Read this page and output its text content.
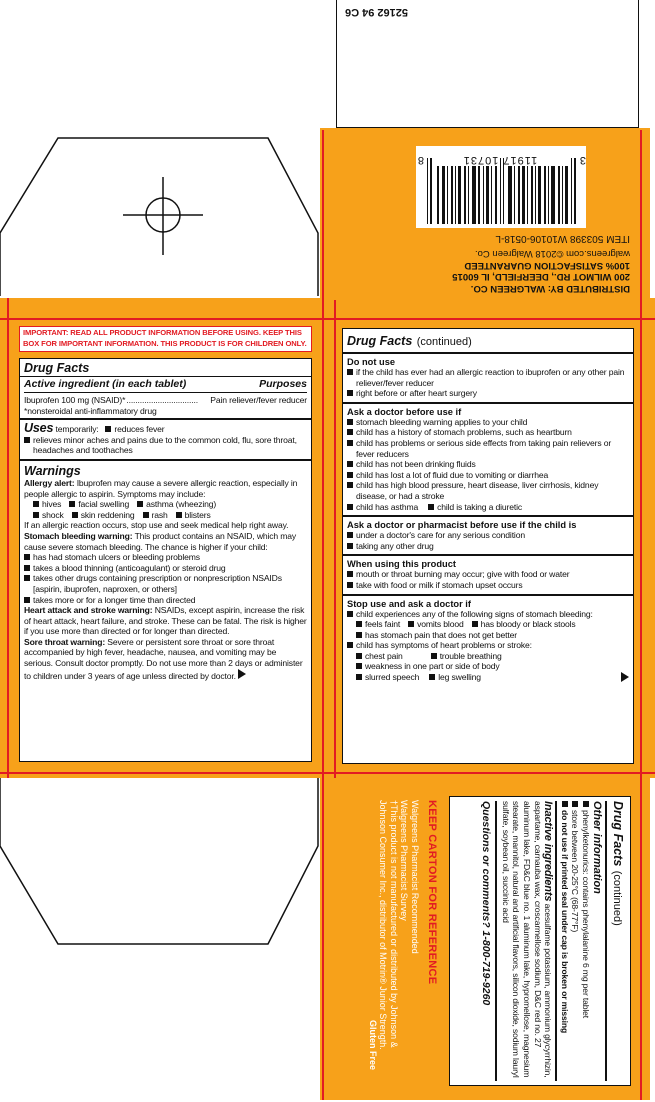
52162 94 C6
DISTRIBUTED BY: WALGREEN CO.
200 WILMOT RD., DEERFIELD, IL 60015
100% SATISFACTION GUARANTEED
walgreens.com ©2018 Walgreen Co.
ITEM 503398 W10106-0518-L
3
11917 10731
8
IMPORTANT: READ ALL PRODUCT INFORMATION BEFORE USING. KEEP THIS BOX FOR IMPORTANT INFORMATION. THIS PRODUCT IS FOR CHILDREN ONLY.
Drug Facts
Active ingredient (in each tablet)	Purposes
Ibuprofen 100 mg (NSAID)* ................................	Pain reliever/fever reducer
*nonsteroidal anti-inflammatory drug
Uses temporarily: reduces fever
relieves minor aches and pains due to the common cold, flu, sore throat, headaches and toothaches
Warnings
Allergy alert: Ibuprofen may cause a severe allergic reaction, especially in people allergic to aspirin. Symptoms may include:
hives	facial swelling	asthma (wheezing)
shock	skin reddening	rash	blisters
If an allergic reaction occurs, stop use and seek medical help right away.
Stomach bleeding warning: This product contains an NSAID, which may cause severe stomach bleeding. The chance is higher if your child:
has had stomach ulcers or bleeding problems
takes a blood thinning (anticoagulant) or steroid drug
takes other drugs containing prescription or nonprescription NSAIDs [aspirin, ibuprofen, naproxen, or others]
takes more or for a longer time than directed
Heart attack and stroke warning: NSAIDs, except aspirin, increase the risk of heart attack, heart failure, and stroke. These can be fatal. The risk is higher if you use more than directed or for longer than directed.
Sore throat warning: Severe or persistent sore throat or sore throat accompanied by high fever, headache, nausea, and vomiting may be serious. Consult doctor promptly. Do not use more than 2 days or administer to children under 3 years of age unless directed by doctor.
Drug Facts (continued)
Do not use
if the child has ever had an allergic reaction to ibuprofen or any other pain reliever/fever reducer
right before or after heart surgery
Ask a doctor before use if
stomach bleeding warning applies to your child
child has a history of stomach problems, such as heartburn
child has problems or serious side effects from taking pain relievers or fever reducers
child has not been drinking fluids
child has lost a lot of fluid due to vomiting or diarrhea
child has high blood pressure, heart disease, liver cirrhosis, kidney disease, or had a stroke
child has asthma	child is taking a diuretic
Ask a doctor or pharmacist before use if the child is
under a doctor's care for any serious condition
taking any other drug
When using this product
mouth or throat burning may occur; give with food or water
take with food or milk if stomach upset occurs
Stop use and ask a doctor if
child experiences any of the following signs of stomach bleeding:
feels faint	vomits blood	has bloody or black stools
has stomach pain that does not get better
child has symptoms of heart problems or stroke:
chest pain	trouble breathing
weakness in one part or side of body
slurred speech	leg swelling
Drug Facts (continued)
Other information
phenylketonurics: contains phenylalanine 6 mg per tablet
store between 20-25°C (68-77°F)
do not use if printed seal under cap is broken or missing
Inactive ingredients acesulfame potassium, ammonium glycyrrhizin, aspartame, carnauba wax, croscarmellose sodium, D&C red no. 27 aluminum lake, FD&C blue no. 1 aluminum lake, hypromellose, magnesium stearate, mannitol, natural and artificial flavors, silicon dioxide, sodium lauryl sulfate, soybean oil, succinic acid
Questions or comments? 1-800-719-9260
KEEP CARTON FOR REFERENCE
Walgreens Pharmacist Recommended
Walgreens Pharmacist Survey
†This product is not manufactured or distributed by Johnson & Johnson Consumer Inc., distributor of Motrin® Junior Strength.
Gluten Free
